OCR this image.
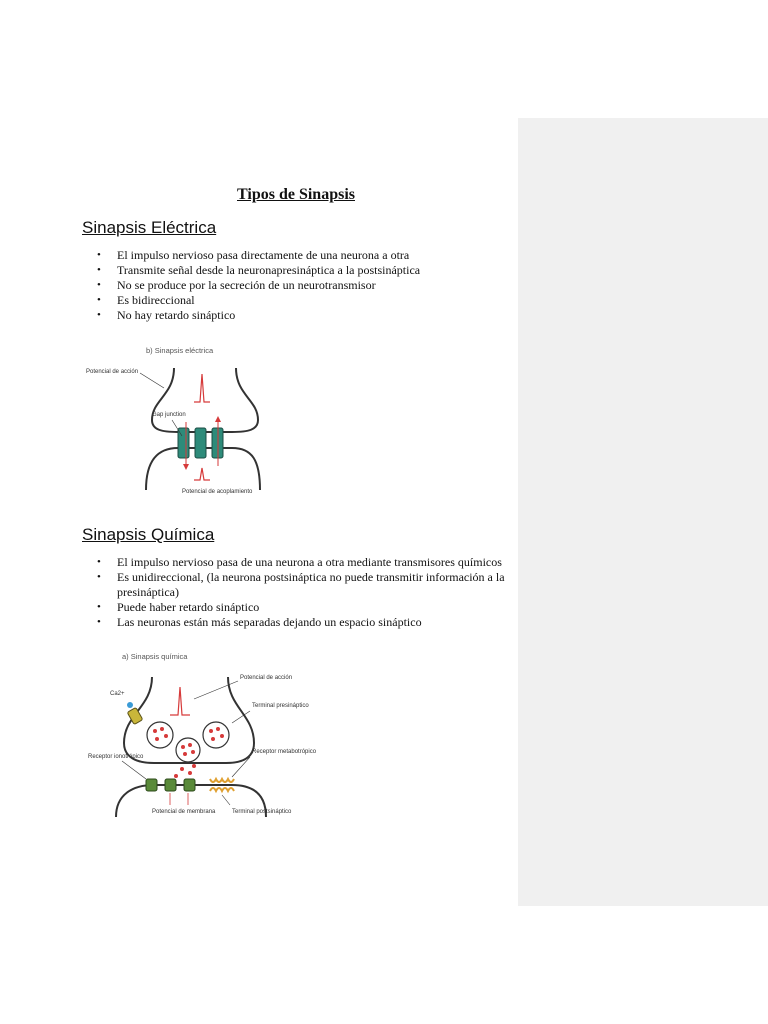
Tipos de Sinapsis
Sinapsis Eléctrica
• El impulso nervioso pasa directamente de una neurona a otra
• Transmite señal desde la neuronapresináptica a la postsináptica
• No se produce por la secreción de un neurotransmisor
• Es bidireccional
• No hay retardo sináptico
b) Sinapsis eléctrica
Potencial de acción
Gap junction
Potencial de acoplamiento
Sinapsis Química
• El impulso nervioso pasa de una neurona a otra mediante transmisores químicos
• Es unidireccional, (la neurona postsináptica no puede transmitir información a la presináptica)
• Puede haber retardo sináptico
• Las neuronas están más separadas dejando un espacio sináptico
a) Sinapsis química
Potencial de acción
Ca2+
Terminal presináptico
Receptor ionotrópico
Receptor metabotrópico
Potencial de membrana	Terminal postsináptico
